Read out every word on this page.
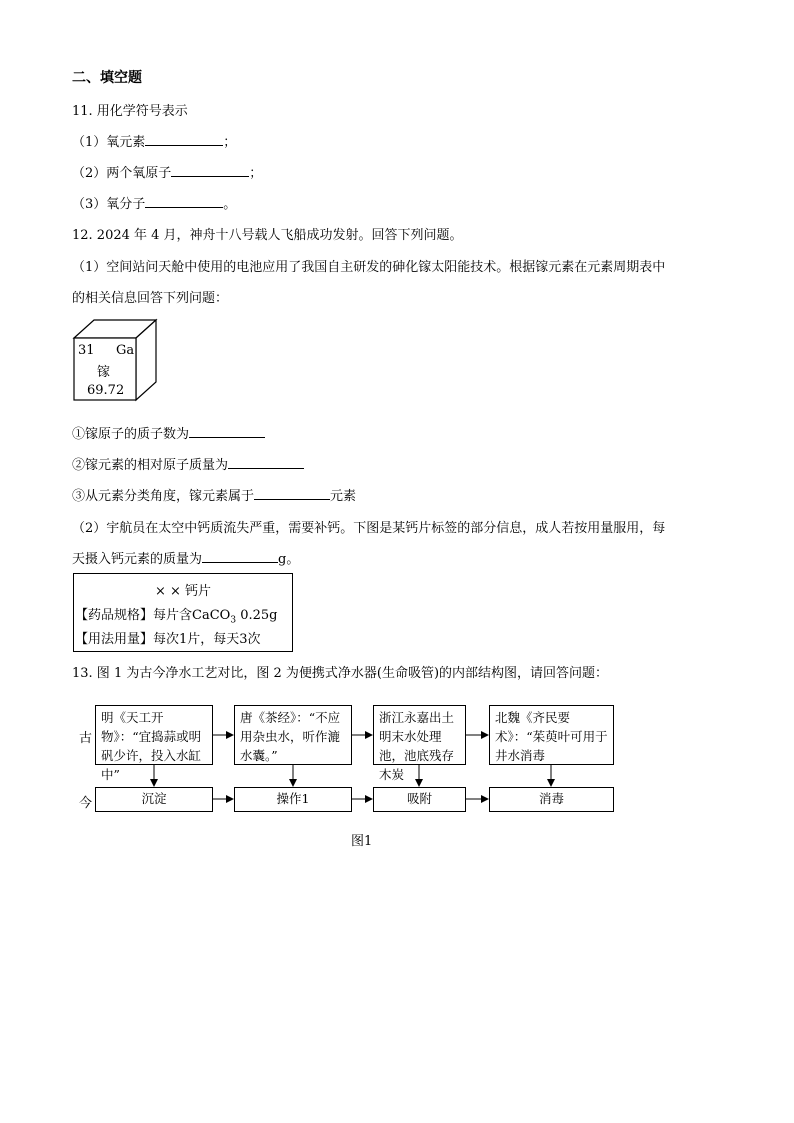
二、填空题
11. 用化学符号表示
（1）氧元素	；
（2）两个氧原子	；
（3）氧分子	。
12. 2024 年 4 月，神舟十八号载人飞船成功发射。回答下列问题。
（1）空间站问天舱中使用的电池应用了我国自主研发的砷化镓太阳能技术。根据镓元素在元素周期表中
的相关信息回答下列问题：
31 Ga
镓
69.72
①镓原子的质子数为
②镓元素的相对原子质量为
③从元素分类角度，镓元素属于	元素
（2）宇航员在太空中钙质流失严重，需要补钙。下图是某钙片标签的部分信息，成人若按用量服用，每
天摄入钙元素的质量为	g。
× × 钙片
【药品规格】每片含CaCO$_3$ 0.25g
【用法用量】每次1片，每天3次
13. 图 1 为古今净水工艺对比，图 2 为便携式净水器(生命吸管)的内部结构图，请回答问题：
古
今
明《天工开物》：“宜捣蒜或明矾少许，投入水缸中”
唐《茶经》：“不应用杂虫水，听作漉水囊。”
浙江永嘉出土明末水处理池，池底残存木炭
北魏《齐民要术》：“茱萸叶可用于井水消毒
沉淀	操作1	吸附	消毒
图1
